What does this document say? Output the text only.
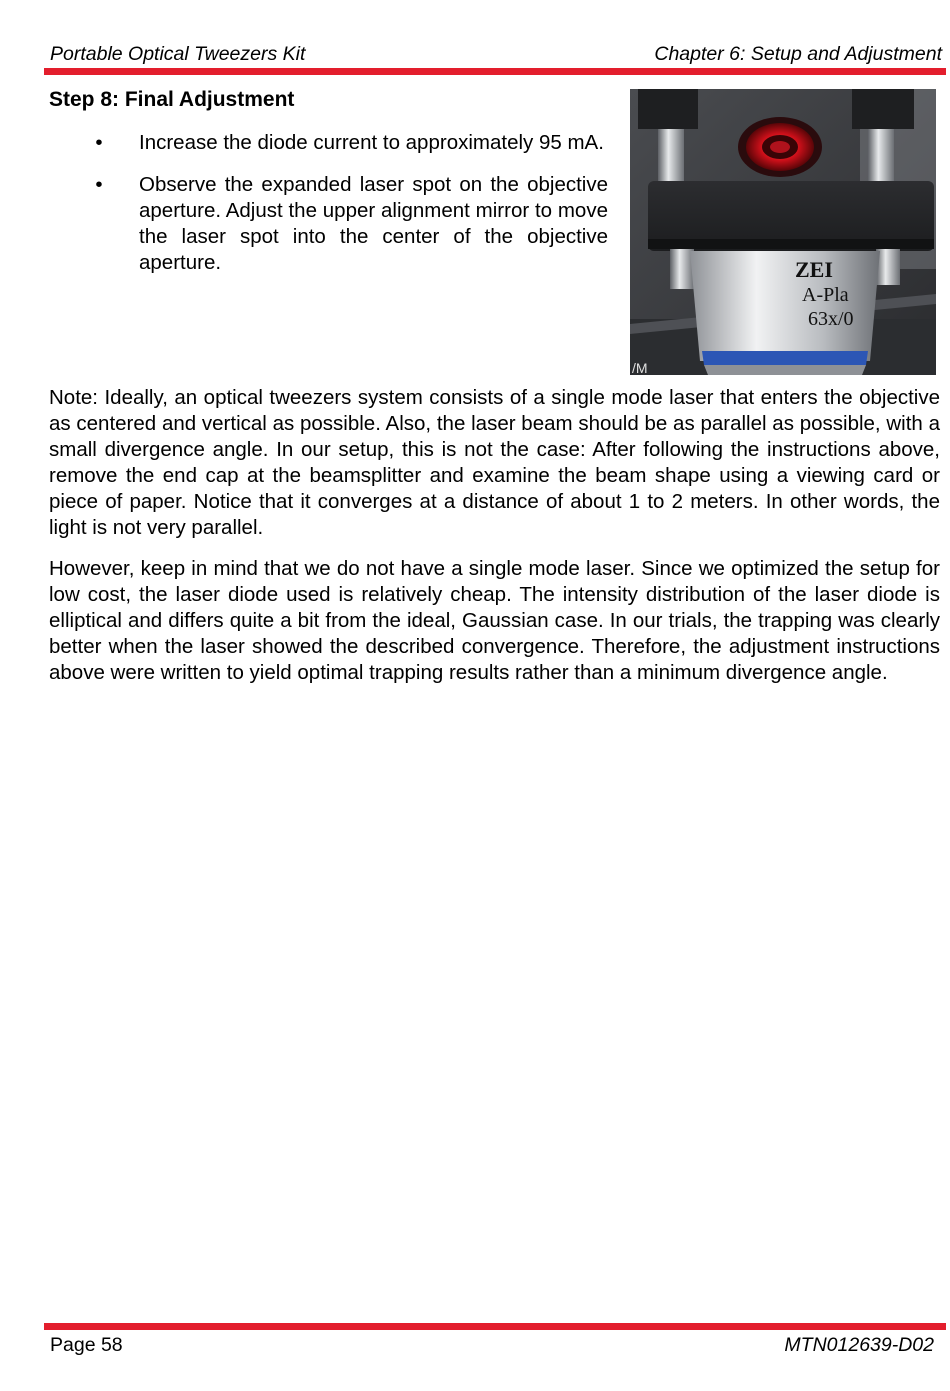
Portable Optical Tweezers Kit	Chapter 6: Setup and Adjustment
Step 8: Final Adjustment
• Increase the diode current to approximately 95 mA.
• Observe the expanded laser spot on the objective aperture. Adjust the upper alignment mirror to move the laser spot into the center of the objective aperture.	ZEI
A-Pla
63x/0
/M

Note: Ideally, an optical tweezers system consists of a single mode laser that enters the objective as centered and vertical as possible. Also, the laser beam should be as parallel as possible, with a small divergence angle. In our setup, this is not the case: After following the instructions above, remove the end cap at the beamsplitter and examine the beam shape using a viewing card or piece of paper. Notice that it converges at a distance of about 1 to 2 meters. In other words, the light is not very parallel.

However, keep in mind that we do not have a single mode laser. Since we optimized the setup for low cost, the laser diode used is relatively cheap. The intensity distribution of the laser diode is elliptical and differs quite a bit from the ideal, Gaussian case. In our trials, the trapping was clearly better when the laser showed the described convergence. Therefore, the adjustment instructions above were written to yield optimal trapping results rather than a minimum divergence angle.

Page 58	MTN012639-D02
